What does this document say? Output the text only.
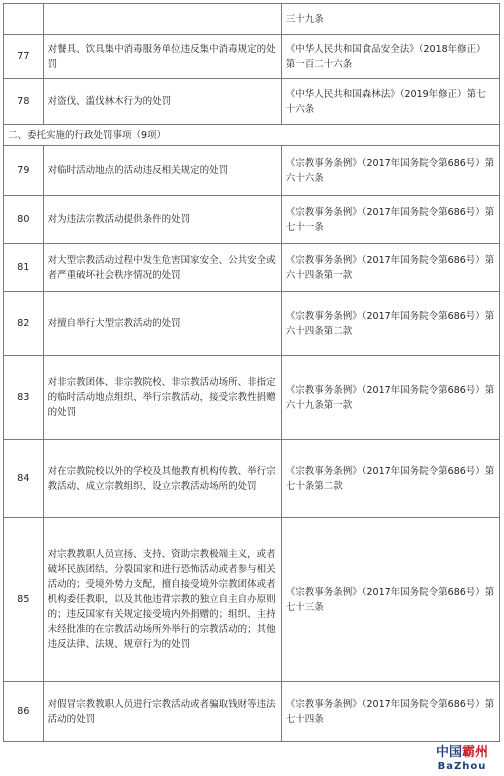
		三十九条
77	对餐具、饮具集中消毒服务单位违反集中消毒规定的处罚	《中华人民共和国食品安全法》（2018年修正）第一百二十六条
78	对盗伐、滥伐林木行为的处罚	《中华人民共和国森林法》（2019年修正）第七十六条
二、委托实施的行政处罚事项（9项）		
79	对临时活动地点的活动违反相关规定的处罚	《宗教事务条例》（2017年国务院令第686号）第六十六条
80	对为违法宗教活动提供条件的处罚	《宗教事务条例》（2017年国务院令第686号）第七十一条
81	对大型宗教活动过程中发生危害国家安全、公共安全或者严重破坏社会秩序情况的处罚	《宗教事务条例》（2017年国务院令第686号）第六十四条第一款
82	对擅自举行大型宗教活动的处罚	《宗教事务条例》（2017年国务院令第686号）第六十四条第二款
83	对非宗教团体、非宗教院校、非宗教活动场所、非指定的临时活动地点组织、举行宗教活动，接受宗教性捐赠的处罚	《宗教事务条例》（2017年国务院令第686号）第六十九条第一款
84	对在宗教院校以外的学校及其他教育机构传教、举行宗教活动、成立宗教组织、设立宗教活动场所的处罚	《宗教事务条例》（2017年国务院令第686号）第七十条第二款
85	对宗教教职人员宣扬、支持、资助宗教极端主义，或者破坏民族团结、分裂国家和进行恐怖活动或者参与相关活动的；受境外势力支配，擅自接受境外宗教团体或者机构委任教职，以及其他违背宗教的独立自主自办原则的；违反国家有关规定接受境内外捐赠的；组织、主持未经批准的在宗教活动场所外举行的宗教活动的；其他违反法律、法规、规章行为的处罚	《宗教事务条例》（2017年国务院令第686号）第七十三条
86	对假冒宗教教职人员进行宗教活动或者骗取钱财等违法活动的处罚	《宗教事务条例》（2017年国务院令第686号）第七十四条
中国霸州
BaZhou
